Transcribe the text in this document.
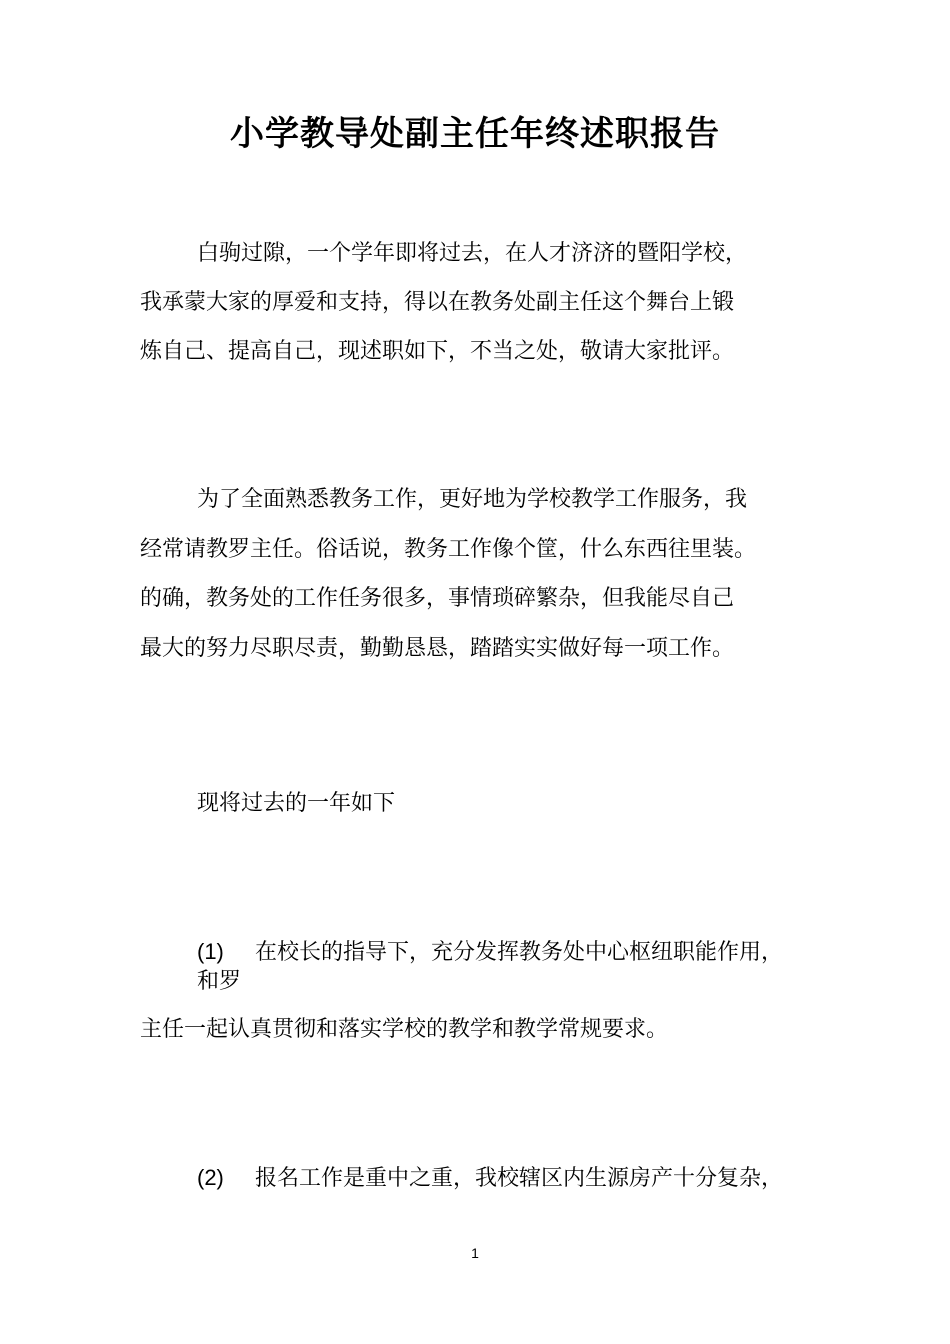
小学教导处副主任年终述职报告
白驹过隙，一个学年即将过去，在人才济济的暨阳学校，
我承蒙大家的厚爱和支持，得以在教务处副主任这个舞台上锻
炼自己、提高自己，现述职如下，不当之处，敬请大家批评。
为了全面熟悉教务工作，更好地为学校教学工作服务，我
经常请教罗主任。俗话说，教务工作像个筐，什么东西往里装。
的确，教务处的工作任务很多，事情琐碎繁杂，但我能尽自己
最大的努力尽职尽责，勤勤恳恳，踏踏实实做好每一项工作。
现将过去的一年如下
(1) 在校长的指导下，充分发挥教务处中心枢纽职能作用，
和罗
主任一起认真贯彻和落实学校的教学和教学常规要求。
(2) 报名工作是重中之重，我校辖区内生源房产十分复杂，
1
